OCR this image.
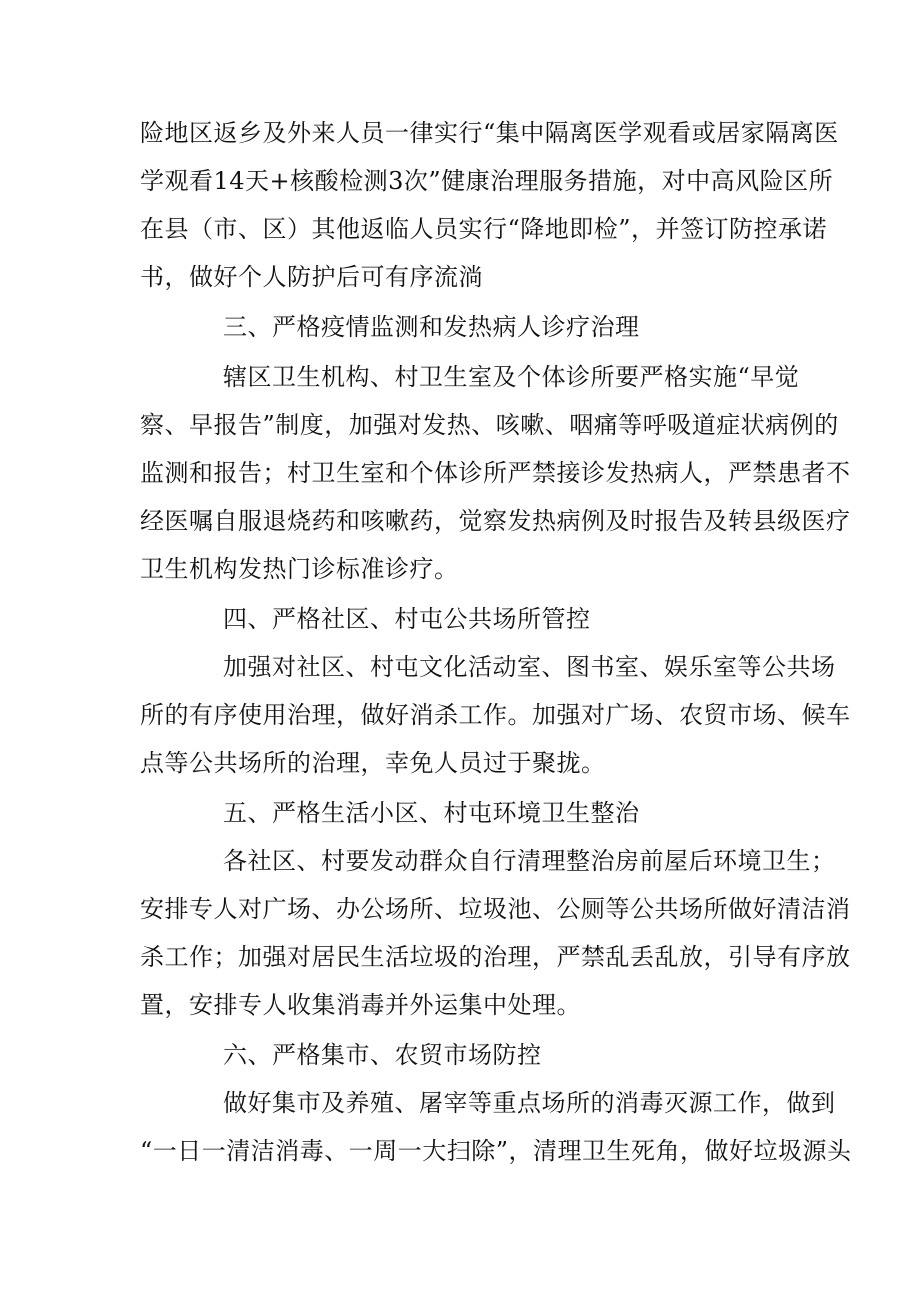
险地区返乡及外来人员一律实行“集中隔离医学观看或居家隔离医
学观看14天+核酸检测3次”健康治理服务措施，对中高风险区所
在县（市、区）其他返临人员实行“降地即检”，并签订防控承诺
书，做好个人防护后可有序流淌
三、严格疫情监测和发热病人诊疗治理
辖区卫生机构、村卫生室及个体诊所要严格实施“早觉
察、早报告”制度，加强对发热、咳嗽、咽痛等呼吸道症状病例的
监测和报告；村卫生室和个体诊所严禁接诊发热病人，严禁患者不
经医嘱自服退烧药和咳嗽药，觉察发热病例及时报告及转县级医疗
卫生机构发热门诊标准诊疗。
四、严格社区、村屯公共场所管控
加强对社区、村屯文化活动室、图书室、娱乐室等公共场
所的有序使用治理，做好消杀工作。加强对广场、农贸市场、候车
点等公共场所的治理，幸免人员过于聚拢。
五、严格生活小区、村屯环境卫生整治
各社区、村要发动群众自行清理整治房前屋后环境卫生；
安排专人对广场、办公场所、垃圾池、公厕等公共场所做好清洁消
杀工作；加强对居民生活垃圾的治理，严禁乱丢乱放，引导有序放
置，安排专人收集消毒并外运集中处理。
六、严格集市、农贸市场防控
做好集市及养殖、屠宰等重点场所的消毒灭源工作，做到
“一日一清洁消毒、一周一大扫除”，清理卫生死角，做好垃圾源头
